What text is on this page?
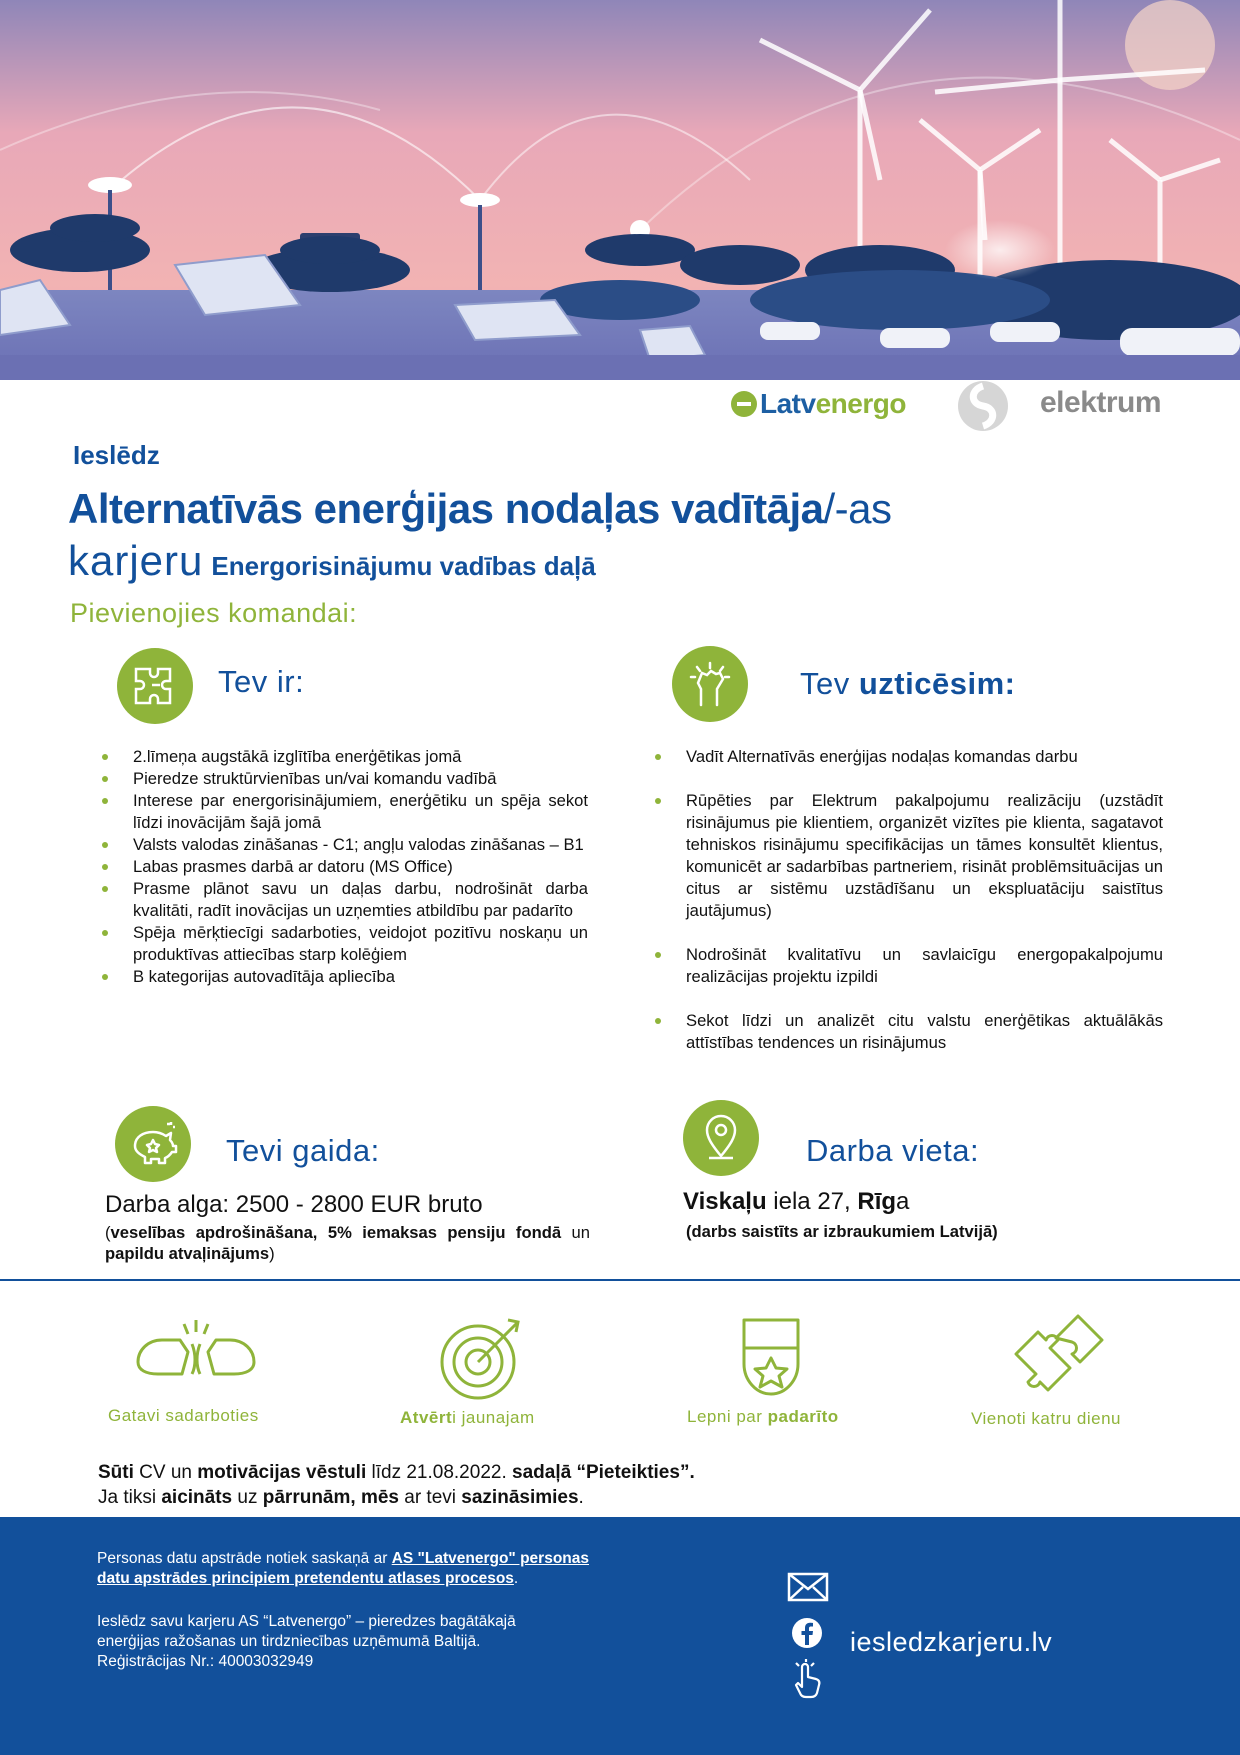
Latvenergo	elektrum
Ieslēdz
Alternatīvās enerģijas nodaļas vadītāja/-as
karjeru Energorisinājumu vadības daļā
Pievienojies komandai:
Tev ir:
2.līmeņa augstākā izglītība enerģētikas jomā
Pieredze struktūrvienības un/vai komandu vadībā
Interese par energorisinājumiem, enerģētiku un spēja sekot līdzi inovācijām šajā jomā
Valsts valodas zināšanas - C1; angļu valodas zināšanas – B1
Labas prasmes darbā ar datoru (MS Office)
Prasme plānot savu un daļas darbu, nodrošināt darba kvalitāti, radīt inovācijas un uzņemties atbildību par padarīto
Spēja mērķtiecīgi sadarboties, veidojot pozitīvu noskaņu un produktīvas attiecības starp kolēģiem
B kategorijas autovadītāja apliecība
Tev uzticēsim:
Vadīt Alternatīvās enerģijas nodaļas komandas darbu
Rūpēties par Elektrum pakalpojumu realizāciju (uzstādīt risinājumus pie klientiem, organizēt vizītes pie klienta, sagatavot tehniskos risinājumu specifikācijas un tāmes konsultēt klientus, komunicēt ar sadarbības partneriem, risināt problēmsituācijas un citus ar sistēmu uzstādīšanu un ekspluatāciju saistītus jautājumus)
Nodrošināt kvalitatīvu un savlaicīgu energopakalpojumu realizācijas projektu izpildi
Sekot līdzi un analizēt citu valstu enerģētikas aktuālākās attīstības tendences un risinājumus
Tevi gaida:
Darba alga: 2500 - 2800 EUR bruto
(veselības apdrošināšana, 5% iemaksas pensiju fondā un papildu atvaļinājums)
Darba vieta:
Viskaļu iela 27, Rīga
(darbs saistīts ar izbraukumiem Latvijā)
Gatavi sadarboties	Atvērti jaunajam	Lepni par padarīto	Vienoti katru dienu
Sūti CV un motivācijas vēstuli līdz 21.08.2022. sadaļā “Pieteikties”.
Ja tiksi aicināts uz pārrunām, mēs ar tevi sazināsimies.
Personas datu apstrāde notiek saskaņā ar AS "Latvenergo" personas
datu apstrādes principiem pretendentu atlases procesos.
Ieslēdz savu karjeru AS “Latvenergo” – pieredzes bagātākajā
enerģijas ražošanas un tirdzniecības uzņēmumā Baltijā.
Reģistrācijas Nr.: 40003032949
iesledzkarjeru.lv
